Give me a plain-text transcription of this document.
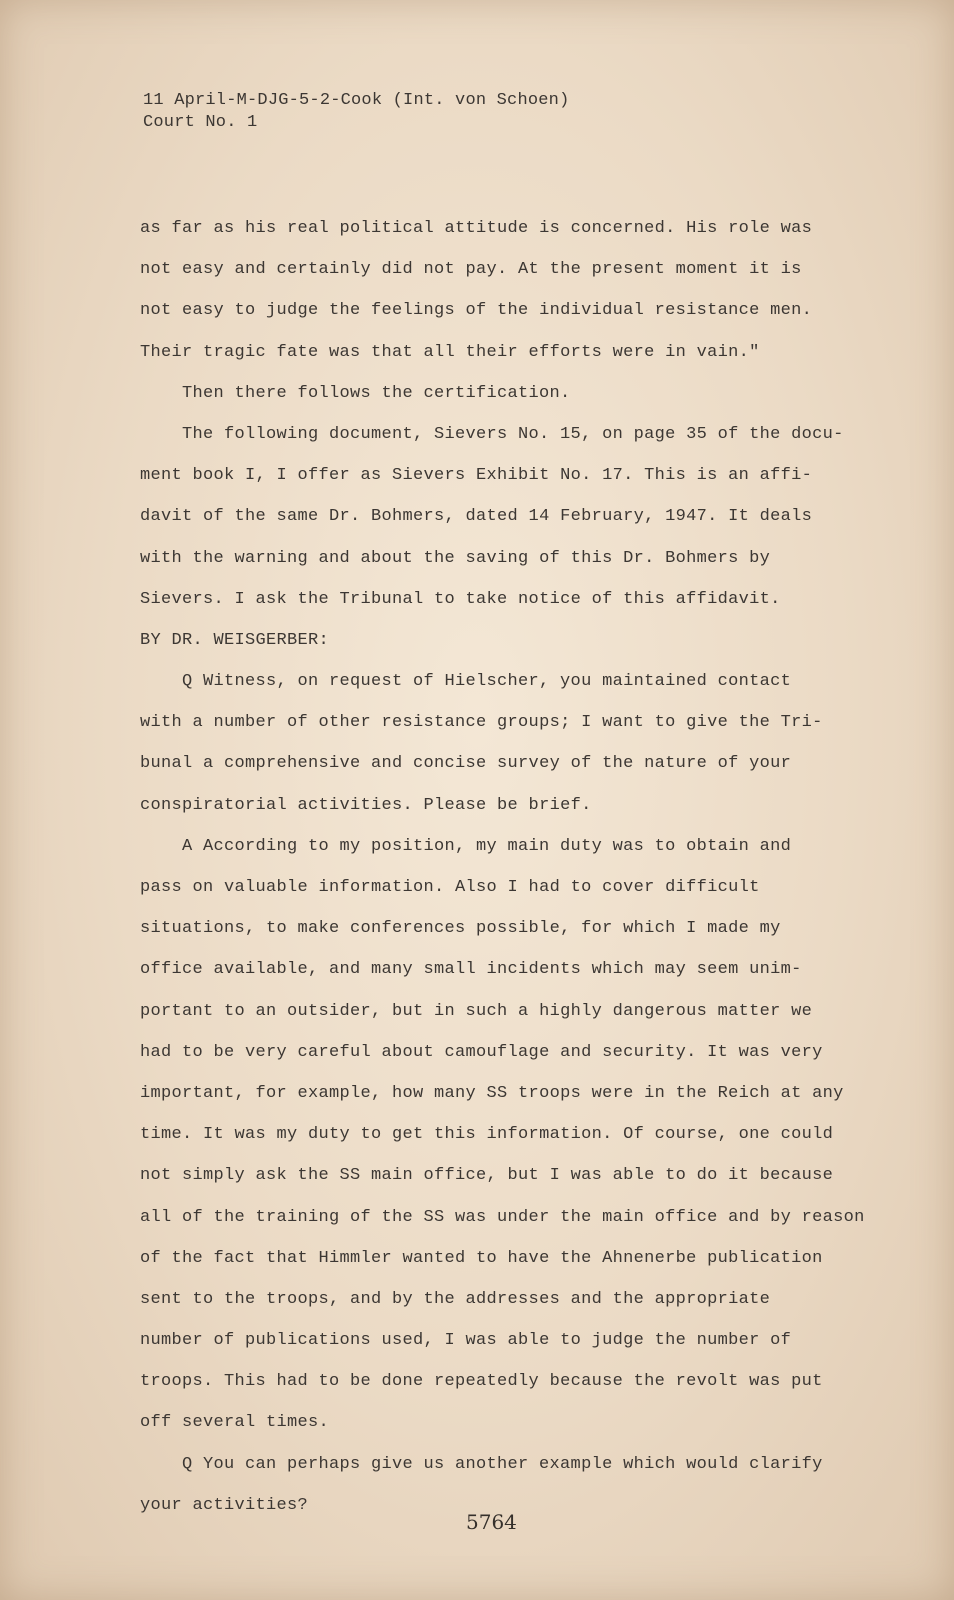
11 April-M-DJG-5-2-Cook (Int. von Schoen)
Court No. 1
as far as his real political attitude is concerned. His role was
not easy and certainly did not pay. At the present moment it is
not easy to judge the feelings of the individual resistance men.
Their tragic fate was that all their efforts were in vain."
Then there follows the certification.
The following document, Sievers No. 15, on page 35 of the docu-
ment book I, I offer as Sievers Exhibit No. 17. This is an affi-
davit of the same Dr. Bohmers, dated 14 February, 1947. It deals
with the warning and about the saving of this Dr. Bohmers by
Sievers. I ask the Tribunal to take notice of this affidavit.
BY DR. WEISGERBER:
Q Witness, on request of Hielscher, you maintained contact
with a number of other resistance groups; I want to give the Tri-
bunal a comprehensive and concise survey of the nature of your
conspiratorial activities. Please be brief.
A According to my position, my main duty was to obtain and
pass on valuable information. Also I had to cover difficult
situations, to make conferences possible, for which I made my
office available, and many small incidents which may seem unim-
portant to an outsider, but in such a highly dangerous matter we
had to be very careful about camouflage and security. It was very
important, for example, how many SS troops were in the Reich at any
time. It was my duty to get this information. Of course, one could
not simply ask the SS main office, but I was able to do it because
all of the training of the SS was under the main office and by reason
of the fact that Himmler wanted to have the Ahnenerbe publication
sent to the troops, and by the addresses and the appropriate
number of publications used, I was able to judge the number of
troops. This had to be done repeatedly because the revolt was put
off several times.
Q You can perhaps give us another example which would clarify
your activities?
5764
